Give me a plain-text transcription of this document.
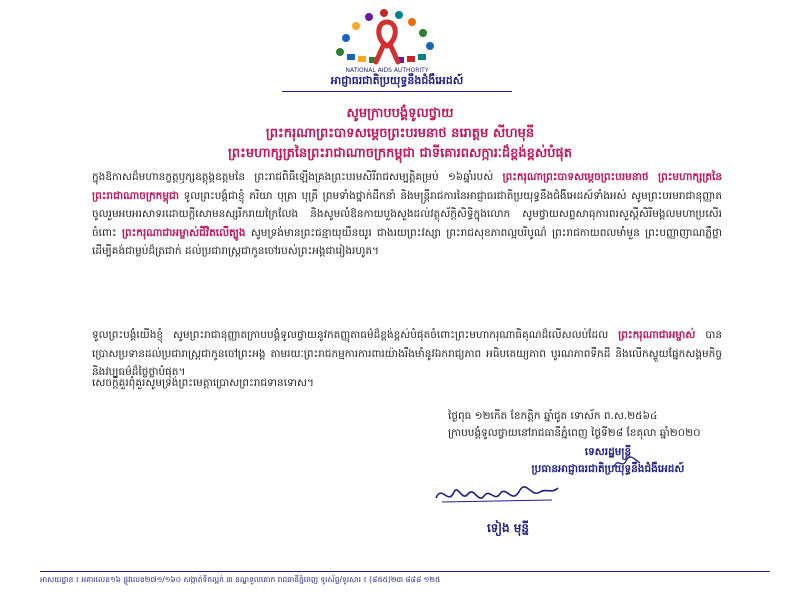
NATIONAL AIDS AUTHORITY
អាជ្ញាធរជាតិប្រយុទ្ធនឹងជំងឺអេដស៍
សូមក្រាបបង្គំទូលថ្វាយ
ព្រះករុណាព្រះបាទសម្តេចព្រះបរមនាថ នរោត្តម សីហមុនី
ព្រះមហាក្សត្រនៃព្រះរាជាណាចក្រកម្ពុជា ជាទីគោរពសក្ការៈដ៏ខ្ពង់ខ្ពស់បំផុត
ក្នុងឱកាសដ៏មហានក្ខត្តឫក្សឧត្តុង្គឧត្តមនៃ ព្រះរាជពិធីឡើងគ្រងព្រះបរមសិរីរាជសម្បត្តិគម្រប់ ១៦ឆ្នាំរបស់ ព្រះករុណាព្រះបាទសម្តេចព្រះបរមនាថ ព្រះមហាក្សត្រនៃព្រះរាជាណាចក្រកម្ពុជា ទូលព្រះបង្គំជាខ្ញុំ ភរិយា បុត្រា បុត្រី ព្រមទាំងថ្នាក់ដឹកនាំ និងមន្ត្រីរាជការនៃអាជ្ញាធរជាតិប្រយុទ្ធនឹងជំងឺអេដស៍ទាំងអស់ សូមព្រះបរមរាជានុញ្ញាតចូលរួមអបអរសាទរដោយក្តីសោមនស្សរីករាយក្រៃលែង និងសូមលំឱនកាយបួងសួងដល់វត្ថុស័ក្តិសិទ្ធិក្នុងលោក សូមថ្វាយសព្ទសាធុការពរសួស្តីសិរីមង្គលមហាប្រសើរចំពោះ ព្រះករុណាជាអម្ចាស់ជីវិតលើត្បូង សូមទ្រង់មានព្រះជន្មាយុយឺនយូរ ជាងរយព្រះវស្សា ព្រះរាជសុខភាពល្អបរិបូណ៌ ព្រះរាជកាយពលមាំមួន ព្រះបញ្ញាញាណភ្លឺថ្លា ដើម្បីគង់ជាម្លប់ដ៏ត្រជាក់ ដល់ប្រជារាស្ត្រជាកូនចៅរបស់ព្រះអង្គជារៀងរហូត។
ទូលព្រះបង្គំយើងខ្ញុំ សូមព្រះរាជានុញ្ញាតក្រាបបង្គំទូលថ្វាយនូវកតញ្ញុតាធម៌ដ៏ខ្ពង់ខ្ពស់បំផុតចំពោះព្រះមហាករុណាធិគុណដ៏លើសលប់ដែល ព្រះករុណាជាអម្ចាស់ បានប្រោសប្រទានដល់ប្រជារាស្ត្រជាកូនចៅព្រះអង្គ តាមរយៈព្រះរាជកម្មការការពារយ៉ាងរឹងមាំនូវឯករាជ្យភាព អធិបតេយ្យភាព បូរណភាពទឹកដី និងលើកស្ទួយផ្នែកសង្គមកិច្ចនិងវប្បធម៌ដ៏ថ្លៃថ្លាបំផុត។
សេចក្តីគួរពុំគួរសូមទ្រង់ព្រះមេត្តាប្រោសព្រះរាជទានទោស។
ថ្ងៃពុធ ១២កើត ខែកត្តិក ឆ្នាំជូត ទោស័ក ព.ស.២៥៦៤
ក្រាបបង្គំទូលថ្វាយនៅរាជធានីភ្នំពេញ ថ្ងៃទី២៨ ខែតុលា ឆ្នាំ២០២០
ទេសរដ្ឋមន្ត្រី
ប្រធានអាជ្ញាធរជាតិប្រយុទ្ធនឹងជំងឺអេដស៍
ទៀង មុន្នី
អាសយដ្ឋាន ៖ អគារលេខ១៦ ផ្លូវលេខ២៧១/១៦០ សង្កាត់ទឹកល្អក់ ៣ ខណ្ឌទួលគោក រាជធានីភ្នំពេញ ទូរស័ព្ទ/ទូរសារ ៖ (៨៥៥)២៣ ៨៨៨ ១២៥
